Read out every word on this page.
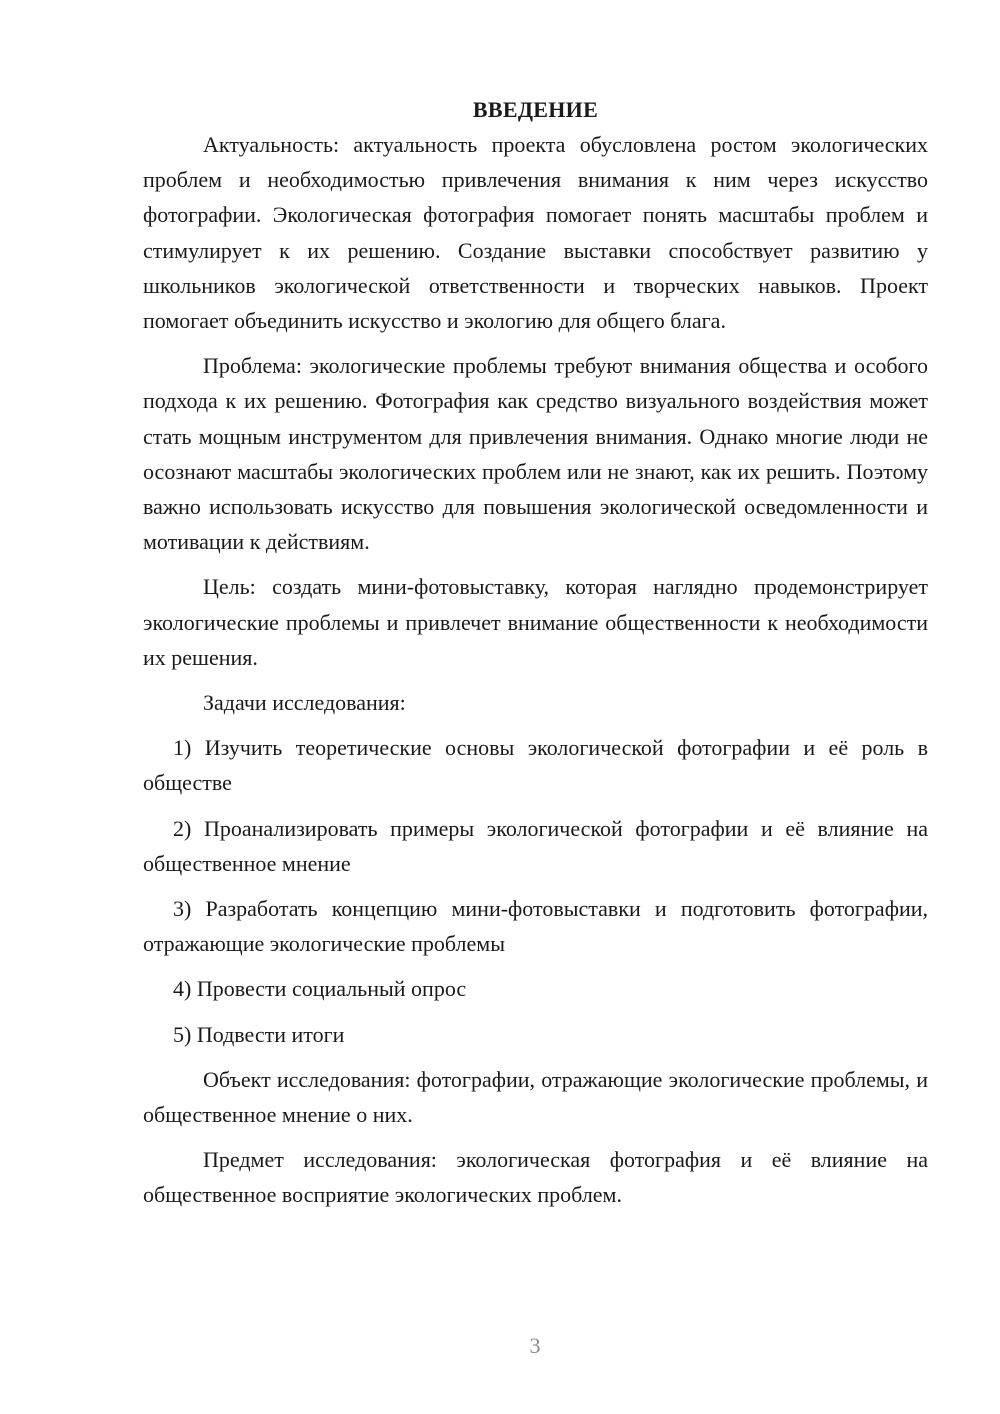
ВВЕДЕНИЕ

Актуальность: актуальность проекта обусловлена ростом экологических проблем и необходимостью привлечения внимания к ним через искусство фотографии. Экологическая фотография помогает понять масштабы проблем и стимулирует к их решению. Создание выставки способствует развитию у школьников экологической ответственности и творческих навыков. Проект помогает объединить искусство и экологию для общего блага.

Проблема: экологические проблемы требуют внимания общества и особого подхода к их решению. Фотография как средство визуального воздействия может стать мощным инструментом для привлечения внимания. Однако многие люди не осознают масштабы экологических проблем или не знают, как их решить. Поэтому важно использовать искусство для повышения экологической осведомленности и мотивации к действиям.

Цель: создать мини-фотовыставку, которая наглядно продемонстрирует экологические проблемы и привлечет внимание общественности к необходимости их решения.

Задачи исследования:

1) Изучить теоретические основы экологической фотографии и её роль в обществе

2) Проанализировать примеры экологической фотографии и её влияние на общественное мнение

3) Разработать концепцию мини-фотовыставки и подготовить фотографии, отражающие экологические проблемы

4) Провести социальный опрос

5) Подвести итоги

Объект исследования: фотографии, отражающие экологические проблемы, и общественное мнение о них.

Предмет исследования: экологическая фотография и её влияние на общественное восприятие экологических проблем.

3
